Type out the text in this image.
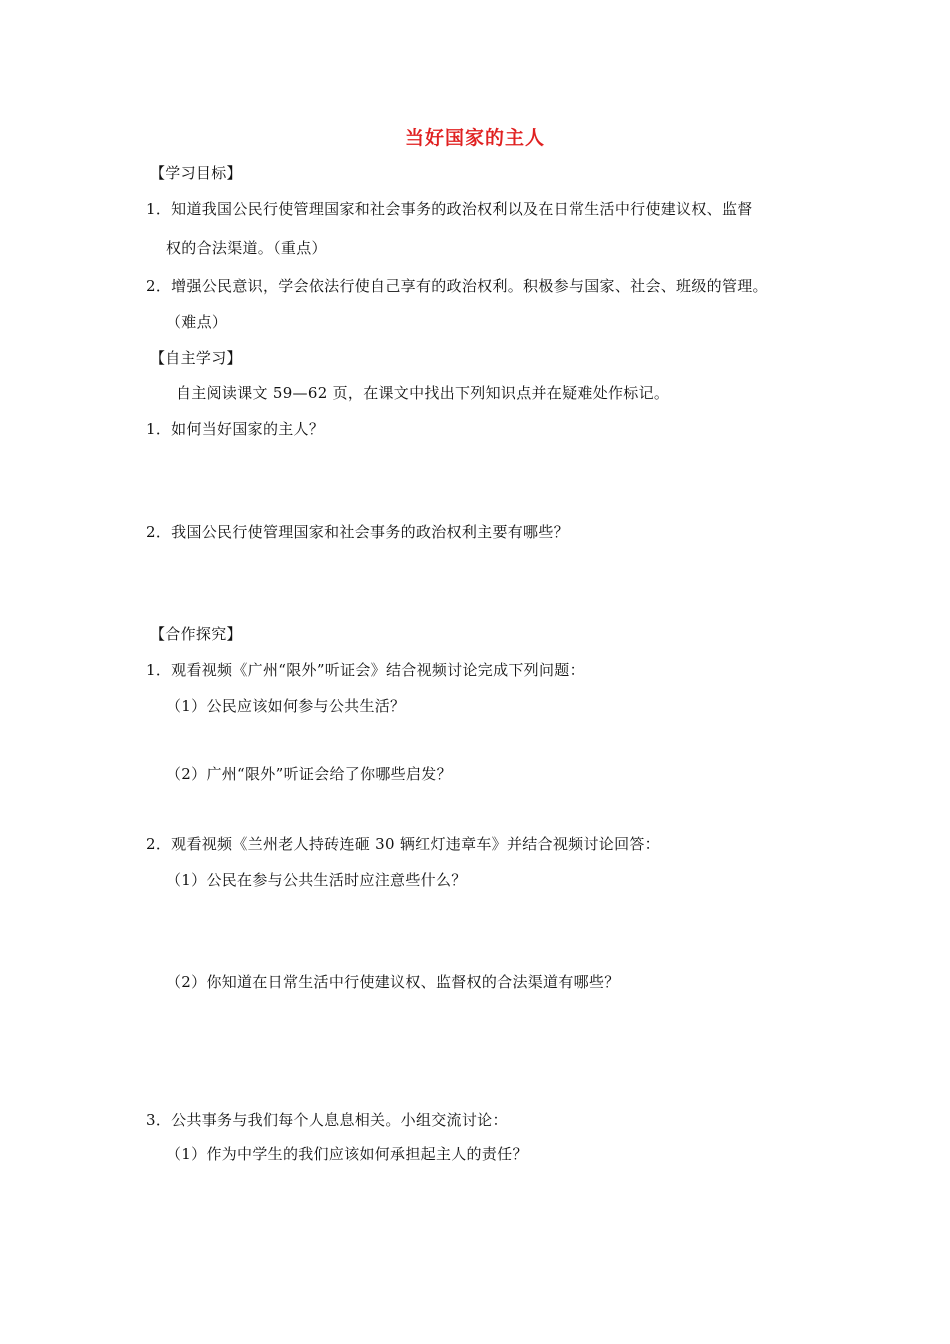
当好国家的主人
【学习目标】
1．知道我国公民行使管理国家和社会事务的政治权利以及在日常生活中行使建议权、监督
权的合法渠道。（重点）
2．增强公民意识，学会依法行使自己享有的政治权利。积极参与国家、社会、班级的管理。
（难点）
【自主学习】
自主阅读课文 59—62 页，在课文中找出下列知识点并在疑难处作标记。
1．如何当好国家的主人？
2．我国公民行使管理国家和社会事务的政治权利主要有哪些？
【合作探究】
1．观看视频《广州“限外”听证会》结合视频讨论完成下列问题：
（1）公民应该如何参与公共生活？
（2）广州“限外”听证会给了你哪些启发？
2．观看视频《兰州老人持砖连砸 30 辆红灯违章车》并结合视频讨论回答：
（1）公民在参与公共生活时应注意些什么？
（2）你知道在日常生活中行使建议权、监督权的合法渠道有哪些？
3．公共事务与我们每个人息息相关。小组交流讨论：
（1）作为中学生的我们应该如何承担起主人的责任？
